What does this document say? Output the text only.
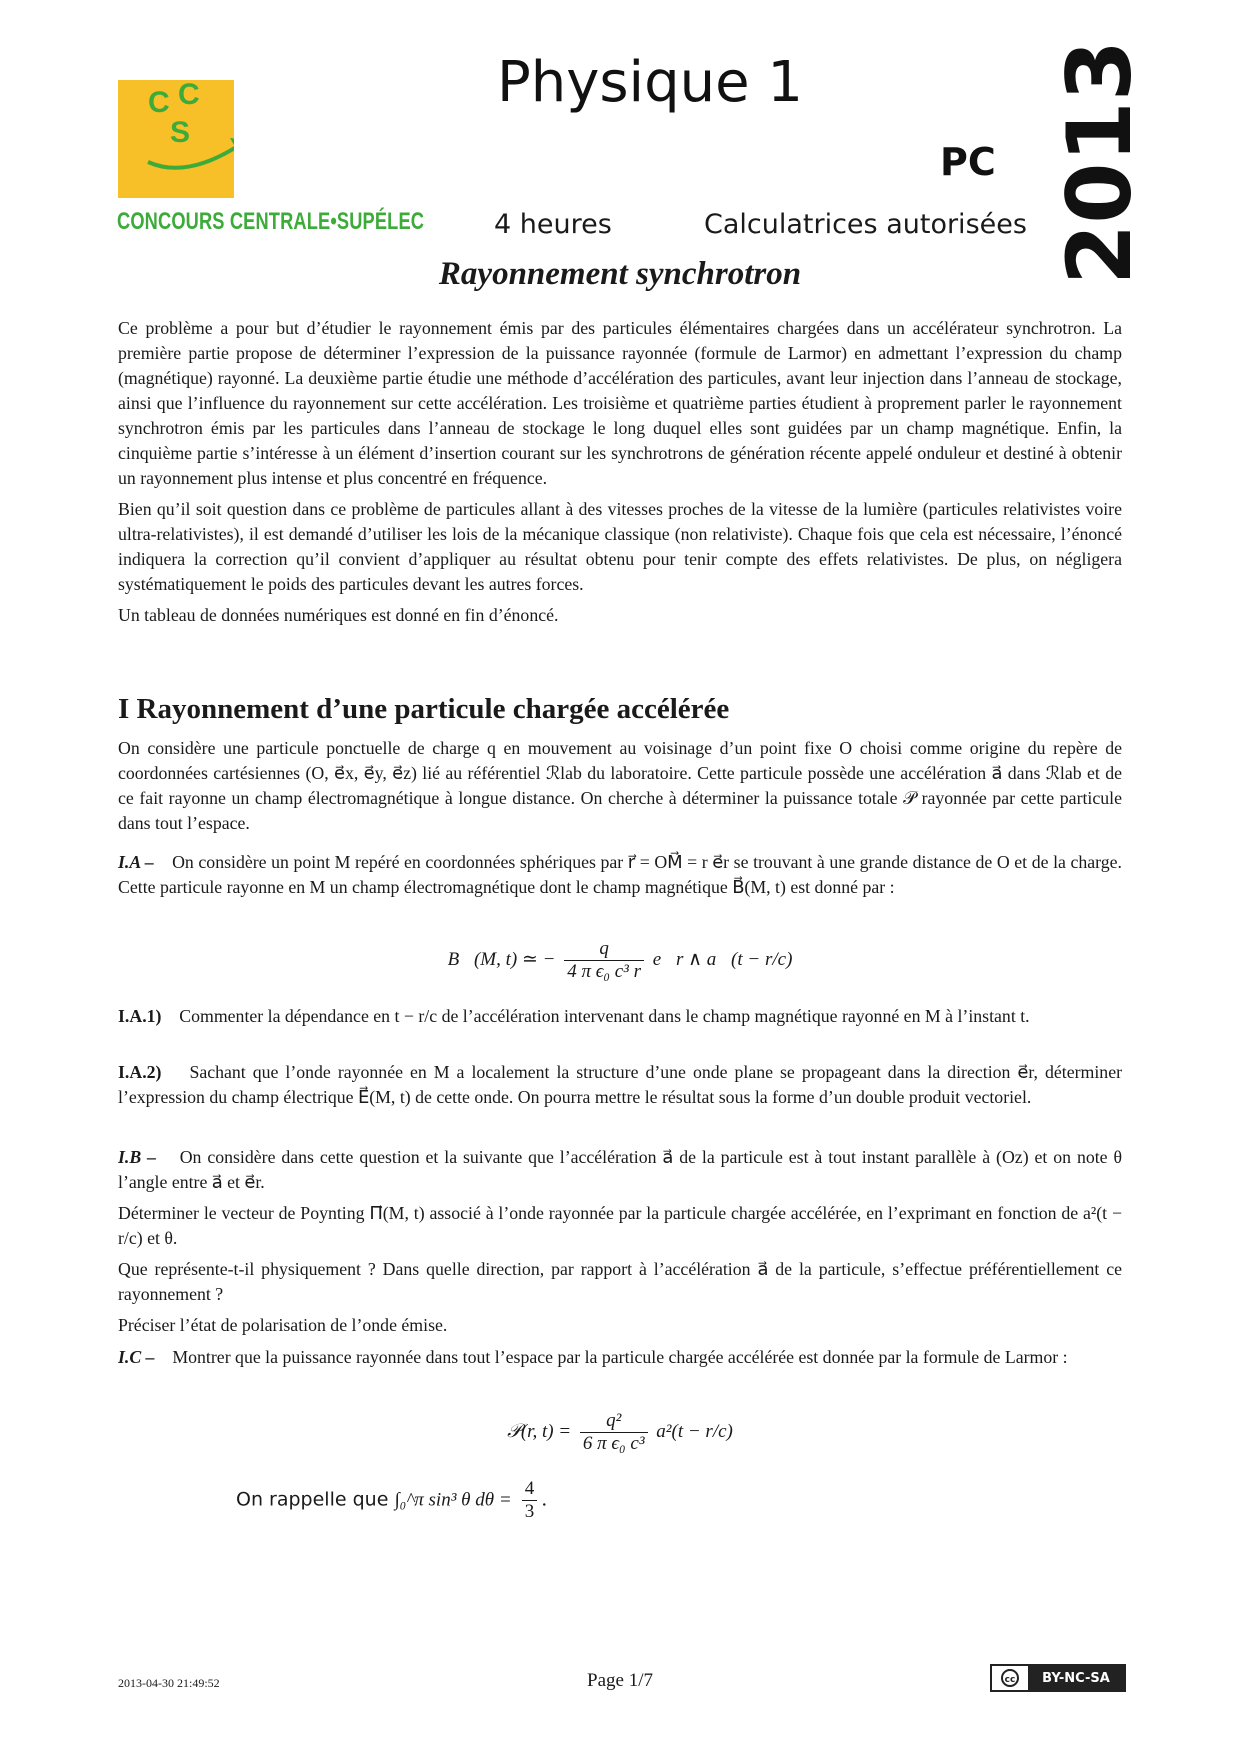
C C
S
CONCOURS CENTRALE•SUPÉLEC
Physique 1
PC 2013
4 heures	Calculatrices autorisées
Rayonnement synchrotron

Ce problème a pour but d’étudier le rayonnement émis par des particules élémentaires chargées dans un accélérateur synchrotron. La première partie propose de déterminer l’expression de la puissance rayonnée (formule de Larmor) en admettant l’expression du champ (magnétique) rayonné. La deuxième partie étudie une méthode d’accélération des particules, avant leur injection dans l’anneau de stockage, ainsi que l’influence du rayonnement sur cette accélération. Les troisième et quatrième parties étudient à proprement parler le rayonnement synchrotron émis par les particules dans l’anneau de stockage le long duquel elles sont guidées par un champ magnétique. Enfin, la cinquième partie s’intéresse à un élément d’insertion courant sur les synchrotrons de génération récente appelé onduleur et destiné à obtenir un rayonnement plus intense et plus concentré en fréquence.

Bien qu’il soit question dans ce problème de particules allant à des vitesses proches de la vitesse de la lumière (particules relativistes voire ultra-relativistes), il est demandé d’utiliser les lois de la mécanique classique (non relativiste). Chaque fois que cela est nécessaire, l’énoncé indiquera la correction qu’il convient d’appliquer au résultat obtenu pour tenir compte des effets relativistes. De plus, on négligera systématiquement le poids des particules devant les autres forces.

Un tableau de données numériques est donné en fin d’énoncé.

I Rayonnement d’une particule chargée accélérée
On considère une particule ponctuelle de charge q en mouvement au voisinage d’un point fixe O choisi comme origine du repère de coordonnées cartésiennes (O, e⃗x, e⃗y, e⃗z) lié au référentiel ℛlab du laboratoire. Cette particule possède une accélération a⃗ dans ℛlab et de ce fait rayonne un champ électromagnétique à longue distance. On cherche à déterminer la puissance totale 𝒫 rayonnée par cette particule dans tout l’espace.
I.A – On considère un point M repéré en coordonnées sphériques par r⃗ = OM⃗ = r e⃗r se trouvant à une grande distance de O et de la charge. Cette particule rayonne en M un champ électromagnétique dont le champ magnétique B⃗(M, t) est donné par :
B⃗(M, t) ≃ − $\frac{q}{\text{4 π ϵ₀ c³ r}}$ e⃗r ∧ a⃗(t − r/c)
I.A.1) Commenter la dépendance en t − r/c de l’accélération intervenant dans le champ magnétique rayonné en M à l’instant t.
I.A.2) Sachant que l’onde rayonnée en M a localement la structure d’une onde plane se propageant dans la direction e⃗r, déterminer l’expression du champ électrique E⃗(M, t) de cette onde. On pourra mettre le résultat sous la forme d’un double produit vectoriel.

I.B – On considère dans cette question et la suivante que l’accélération a⃗ de la particule est à tout instant parallèle à (Oz) et on note θ l’angle entre a⃗ et e⃗r.

Déterminer le vecteur de Poynting Π⃗(M, t) associé à l’onde rayonnée par la particule chargée accélérée, en l’exprimant en fonction de a²(t − r/c) et θ.

Que représente-t-il physiquement ? Dans quelle direction, par rapport à l’accélération a⃗ de la particule, s’effectue préférentiellement ce rayonnement ?

Préciser l’état de polarisation de l’onde émise.

I.C – Montrer que la puissance rayonnée dans tout l’espace par la particule chargée accélérée est donnée par la formule de Larmor :
𝒫(r, $t) = \frac{\text{q²}}{\text{6 π ϵ₀ c³}} a^2(t - r/c)$
On rappelle que ∫₀^π sin³ θ $d\theta = \frac{4}{3}$ .
2013-04-30 21:49:52	Page 1/7	cc	BY-NC-SA
